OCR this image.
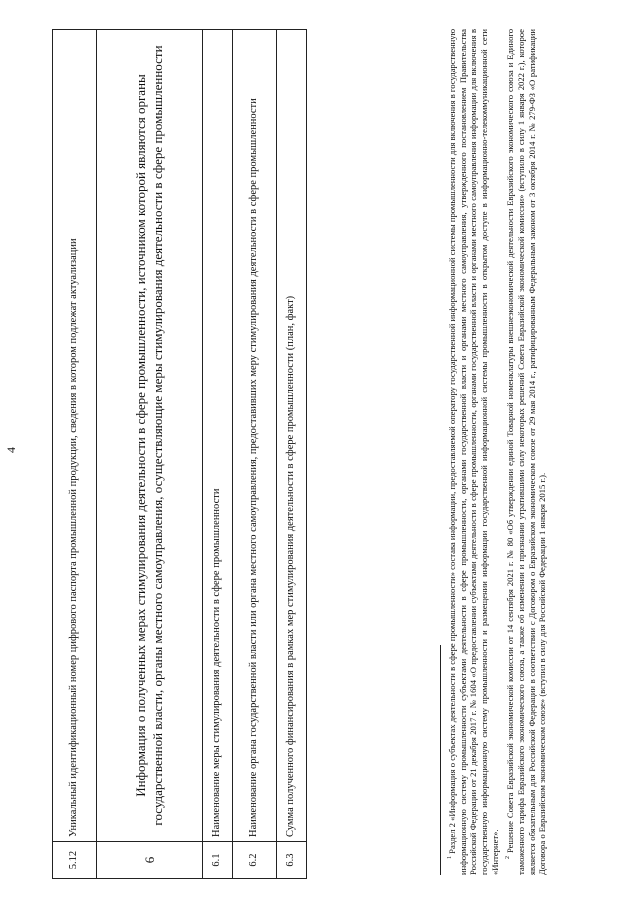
4
5.12	Уникальный идентификационный номер цифрового паспорта промышленной продукции, сведения в котором подлежат актуализации
6	Информация о полученных мерах стимулирования деятельности в сфере промышленности, источником которой являются органы государственной власти, органы местного самоуправления, осуществляющие меры стимулирования деятельности в сфере промышленности
6.1	Наименование меры стимулирования деятельности в сфере промышленности
6.2	Наименование органа государственной власти или органа местного самоуправления, предоставивших меру стимулирования деятельности в сфере промышленности
6.3	Сумма полученного финансирования в рамках мер стимулирования деятельности в сфере промышленности (план, факт)

$^1$ Раздел 2 «Информация о субъектах деятельности в сфере промышленности» состава информации, предоставляемой оператору государственной информационной системы промышленности для включения в государственную информационную систему промышленности субъектами деятельности в сфере промышленности, органами государственной власти и органами местного самоуправления, утвержденного постановлением Правительства Российской Федерации от 21 декабря 2017 г. № 1604 «О предоставлении субъектами деятельности в сфере промышленности, органами государственной власти и органами местного самоуправления информации для включения в государственную информационную систему промышленности и размещении информации государственной информационной системы промышленности в открытом доступе в информационно-телекоммуникационной сети «Интернет». $^2$ Решение Совета Евразийской экономической комиссии от 14 сентября 2021 г. № 80 «Об утверждении единой Товарной номенклатуры внешнеэкономической деятельности Евразийского экономического союза и Единого таможенного тарифа Евразийского экономического союза, а также об изменении и признании утратившими силу некоторых решений Совета Евразийской экономической комиссии» (вступило в силу 1 января 2022 г.), которое является обязательным для Российской Федерации в соответствии с Договором о Евразийском экономическом союзе от 29 мая 2014 г., ратифицированным Федеральным законом от 3 октября 2014 г. № 279-ФЗ «О ратификации Договора о Евразийском экономическом союзе» (вступил в силу для Российской Федерации 1 января 2015 г.).
